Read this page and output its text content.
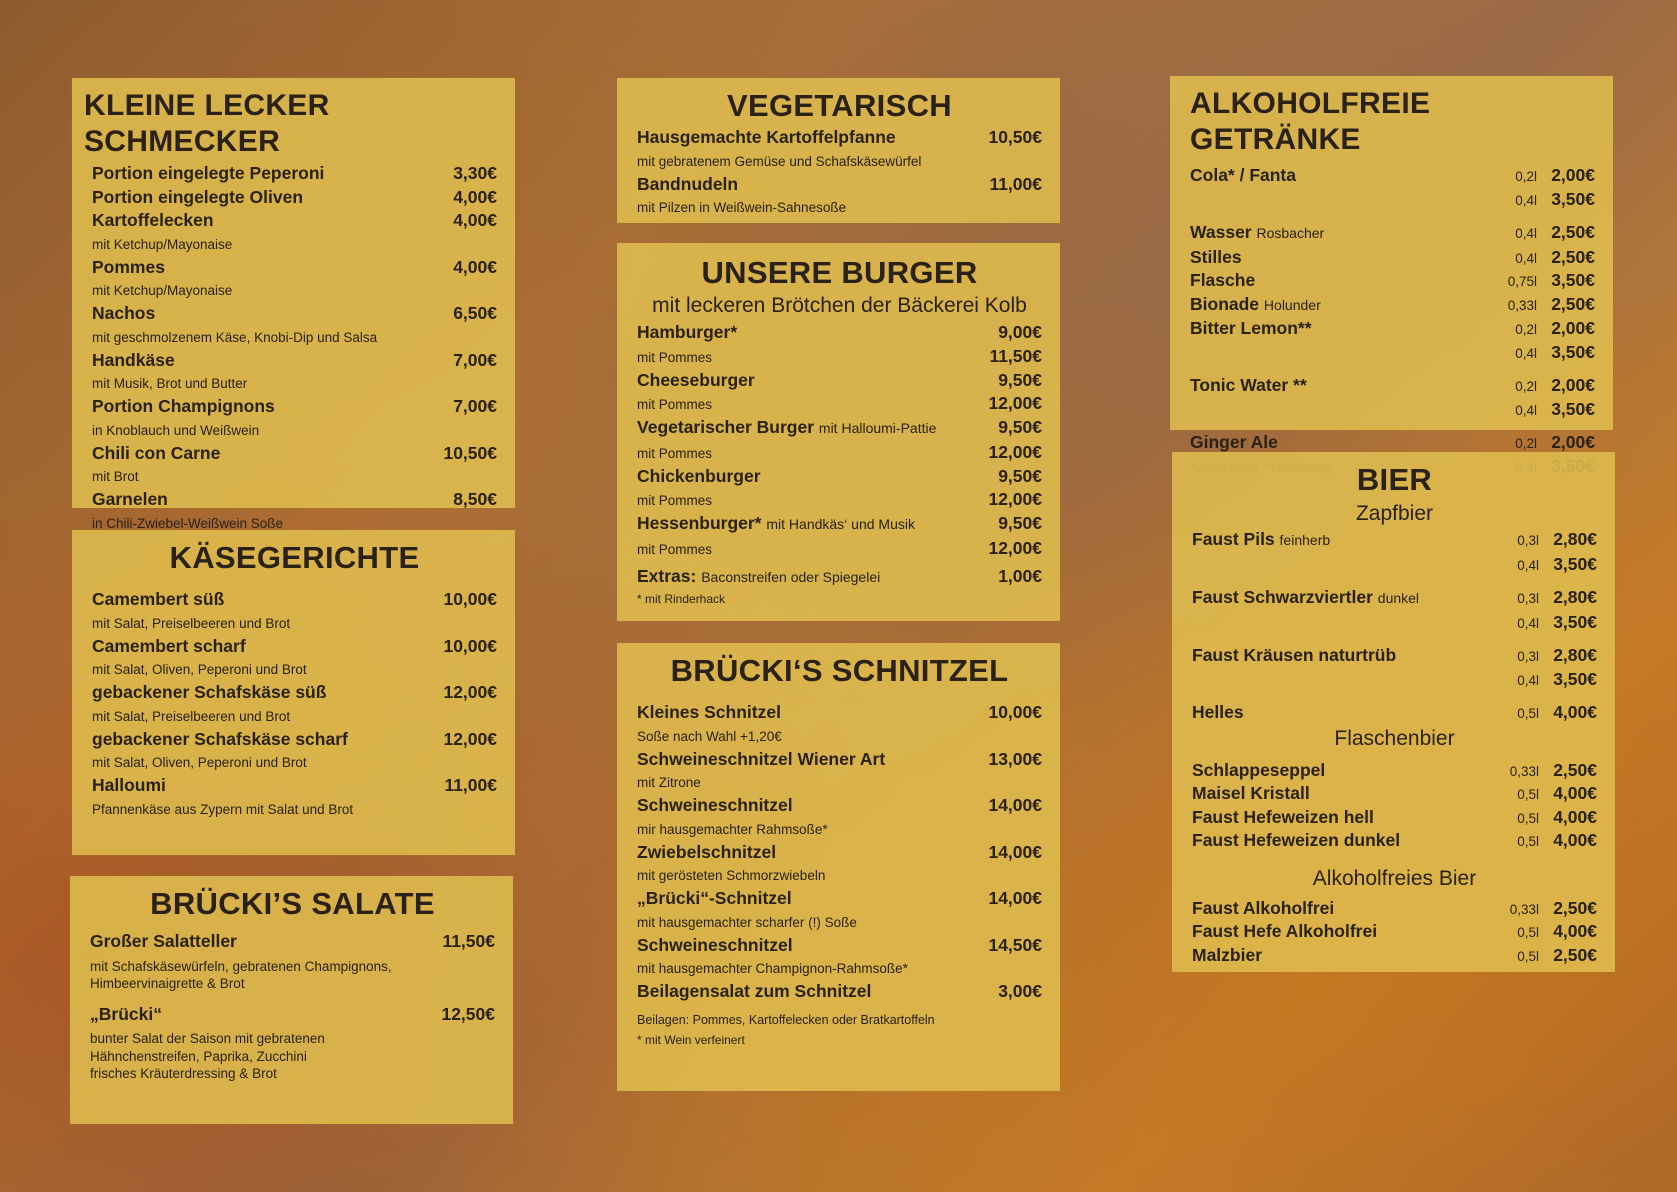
KLEINE LECKER SCHMECKER
Portion eingelegte Peperoni	3,30€
Portion eingelegte Oliven	4,00€
Kartoffelecken	4,00€
mit Ketchup/Mayonaise
Pommes	4,00€
mit Ketchup/Mayonaise
Nachos	6,50€
mit geschmolzenem Käse, Knobi-Dip und Salsa
Handkäse	7,00€
mit Musik, Brot und Butter
Portion Champignons	7,00€
in Knoblauch und Weißwein
Chili con Carne	10,50€
mit Brot
Garnelen	8,50€
in Chili-Zwiebel-Weißwein Soße
KÄSEGERICHTE
Camembert süß	10,00€
mit Salat, Preiselbeeren und Brot
Camembert scharf	10,00€
mit Salat, Oliven, Peperoni und Brot
gebackener Schafskäse süß	12,00€
mit Salat, Preiselbeeren und Brot
gebackener Schafskäse scharf	12,00€
mit Salat, Oliven, Peperoni und Brot
Halloumi	11,00€
Pfannenkäse aus Zypern mit Salat und Brot
BRÜCKI’S SALATE
Großer Salatteller	11,50€
mit Schafskäsewürfeln, gebratenen Champignons,
Himbeervinaigrette & Brot
„Brücki“	12,50€
bunter Salat der Saison mit gebratenen
Hähnchenstreifen, Paprika, Zucchini
frisches Kräuterdressing & Brot
VEGETARISCH
Hausgemachte Kartoffelpfanne	10,50€
mit gebratenem Gemüse und Schafskäsewürfel
Bandnudeln	11,00€
mit Pilzen in Weißwein-Sahnesoße
UNSERE BURGER
mit leckeren Brötchen der Bäckerei Kolb
Hamburger*	9,00€
mit Pommes	11,50€
Cheeseburger	9,50€
mit Pommes	12,00€
Vegetarischer Burger mit Halloumi-Pattie	9,50€
mit Pommes	12,00€
Chickenburger	9,50€
mit Pommes	12,00€
Hessenburger* mit Handkäs‘ und Musik	9,50€
mit Pommes	12,00€
Extras: Baconstreifen oder Spiegelei	1,00€
* mit Rinderhack
BRÜCKI‘S SCHNITZEL
Kleines Schnitzel	10,00€
Soße nach Wahl +1,20€
Schweineschnitzel Wiener Art	13,00€
mit Zitrone
Schweineschnitzel	14,00€
mir hausgemachter Rahmsoße*
Zwiebelschnitzel	14,00€
mit gerösteten Schmorzwiebeln
„Brücki“-Schnitzel	14,00€
mit hausgemachter scharfer (!) Soße
Schweineschnitzel	14,50€
mit hausgemachter Champignon-Rahmsoße*
Beilagensalat zum Schnitzel	3,00€
Beilagen: Pommes, Kartoffelecken oder Bratkartoffeln
* mit Wein verfeinert
ALKOHOLFREIE GETRÄNKE
Cola* / Fanta	0,2l 2,00€

0,4l 3,50€
Wasser Rosbacher	0,4l 2,50€
Stilles	0,4l 2,50€
Flasche	0,75l 3,50€
Bionade Holunder	0,33l 2,50€
Bitter Lemon**	0,2l 2,00€

0,4l 3,50€
Tonic Water **	0,2l 2,00€

0,4l 3,50€
Ginger Ale	0,2l 2,00€
BIER
Zapfbier
Faust Pils feinherb	0,3l 2,80€

0,4l 3,50€
Faust Schwarzviertler dunkel	0,3l 2,80€

0,4l 3,50€
Faust Kräusen naturtrüb	0,3l 2,80€

0,4l 3,50€
Helles	0,5l 4,00€
Flaschenbier
Schlappeseppel	0,33l 2,50€
Maisel Kristall	0,5l 4,00€
Faust Hefeweizen hell	0,5l 4,00€
Faust Hefeweizen dunkel	0,5l 4,00€
Alkoholfreies Bier
Faust Alkoholfrei	0,33l 2,50€
Faust Hefe Alkoholfrei	0,5l 4,00€
Malzbier	0,5l 2,50€
